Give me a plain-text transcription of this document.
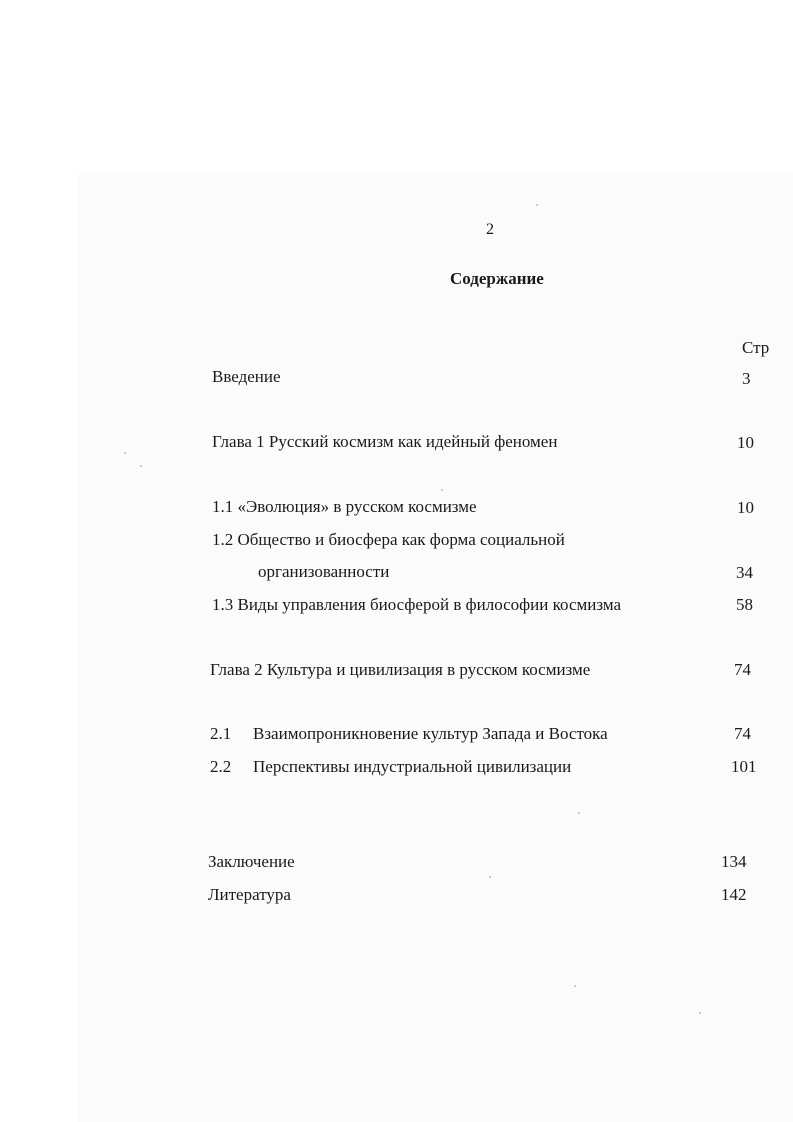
2
Содержание
Стр
Введение	3
Глава 1 Русский космизм как идейный феномен	10
1.1 «Эволюция» в русском космизме	10
1.2 Общество и биосфера как форма социальной
организованности	34
1.3 Виды управления биосферой в философии космизма	58
Глава 2 Культура и цивилизация в русском космизме	74
2.1 Взаимопроникновение культур Запада и Востока	74
2.2 Перспективы индустриальной цивилизации	101
Заключение	134
Литература	142
